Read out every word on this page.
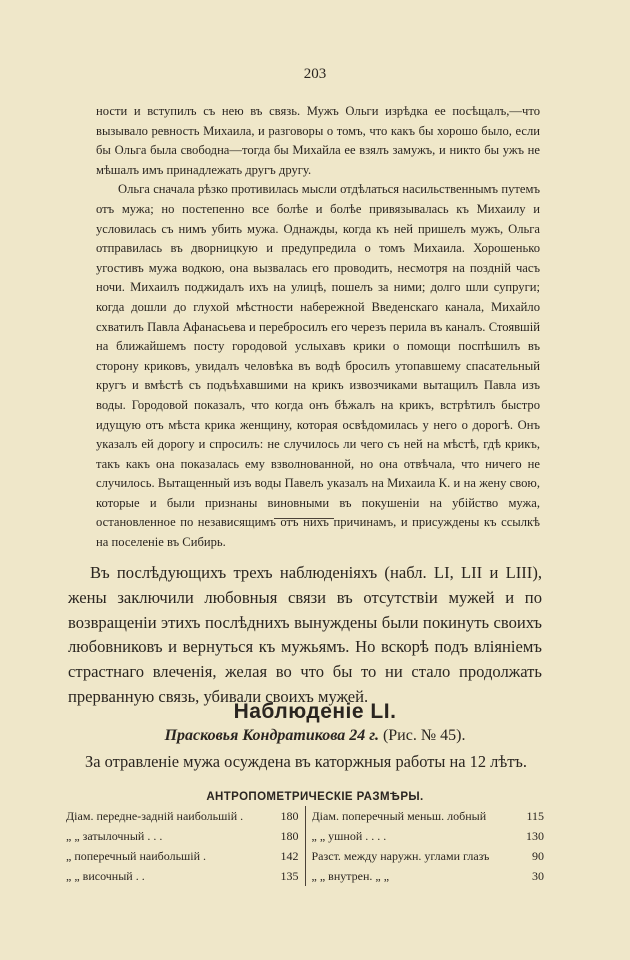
203

ности и вступилъ съ нею въ связь. Мужъ Ольги изрѣдка ее посѣщалъ,—что вызывало ревность Михаила, и разговоры о томъ, что какъ бы хорошо было, если бы Ольга была свободна—тогда бы Михайла ее взялъ замужъ, и никто бы ужъ не мѣшалъ имъ принадлежать другъ другу.

Ольга сначала рѣзко противилась мысли отдѣлаться насильственнымъ путемъ отъ мужа; но постепенно все болѣе и болѣе привязывалась къ Михаилу и условилась съ нимъ убить мужа. Однажды, когда къ ней пришелъ мужъ, Ольга отправилась въ дворницкую и предупредила о томъ Михаила. Хорошенько угостивъ мужа водкою, она вызвалась его проводить, несмотря на поздній часъ ночи. Михаилъ поджидалъ ихъ на улицѣ, пошелъ за ними; долго шли супруги; когда дошли до глухой мѣстности набережной Введенскаго канала, Михайло схватилъ Павла Афанасьева и перебросилъ его черезъ перила въ каналъ. Стоявшій на ближайшемъ посту городовой услыхавъ крики о помощи поспѣшилъ въ сторону криковъ, увидалъ человѣка въ водѣ бросилъ утопавшему спасательный кругъ и вмѣстѣ съ подъѣхавшими на крикъ извозчиками вытащилъ Павла изъ воды. Городовой показалъ, что когда онъ бѣжалъ на крикъ, встрѣтилъ быстро идущую отъ мѣста крика женщину, которая освѣдомилась у него о дорогѣ. Онъ указалъ ей дорогу и спросилъ: не случилось ли чего съ ней на мѣстѣ, гдѣ крикъ, такъ какъ она показалась ему взволнованной, но она отвѣчала, что ничего не случилось. Вытащенный изъ воды Павелъ указалъ на Михаила К. и на жену свою, которые и были признаны виновными въ покушеніи на убійство мужа, остановленное по независящимъ отъ нихъ причинамъ, и присуждены къ ссылкѣ на поселеніе въ Сибирь.

Въ послѣдующихъ трехъ наблюденіяхъ (набл. LI, LII и LIII), жены заключили любовныя связи въ отсутствіи мужей и по возвращеніи этихъ послѣднихъ вынуждены были покинуть своихъ любовниковъ и вернуться къ мужьямъ. Но вскорѣ подъ вліяніемъ страстнаго влеченія, желая во что бы то ни стало продолжать прерванную связь, убивали своихъ мужей.

Наблюденіе LI.
Прасковья Кондратикова 24 г. (Рис. № 45).
За отравленіе мужа осуждена въ каторжныя работы на 12 лѣтъ.
АНТРОПОМЕТРИЧЕСКІЕ РАЗМѢРЫ.
Діам. передне-задній наибольшій .	180
„ „ затылочный . . .	180
„ поперечный наибольшій .	142
„ „ височный . .	135
Діам. поперечный меньш. лобный	115
„ „ ушной . . . .	130
Разст. между наружн. углами глазъ	90
„ „ внутрен. „ „	30
